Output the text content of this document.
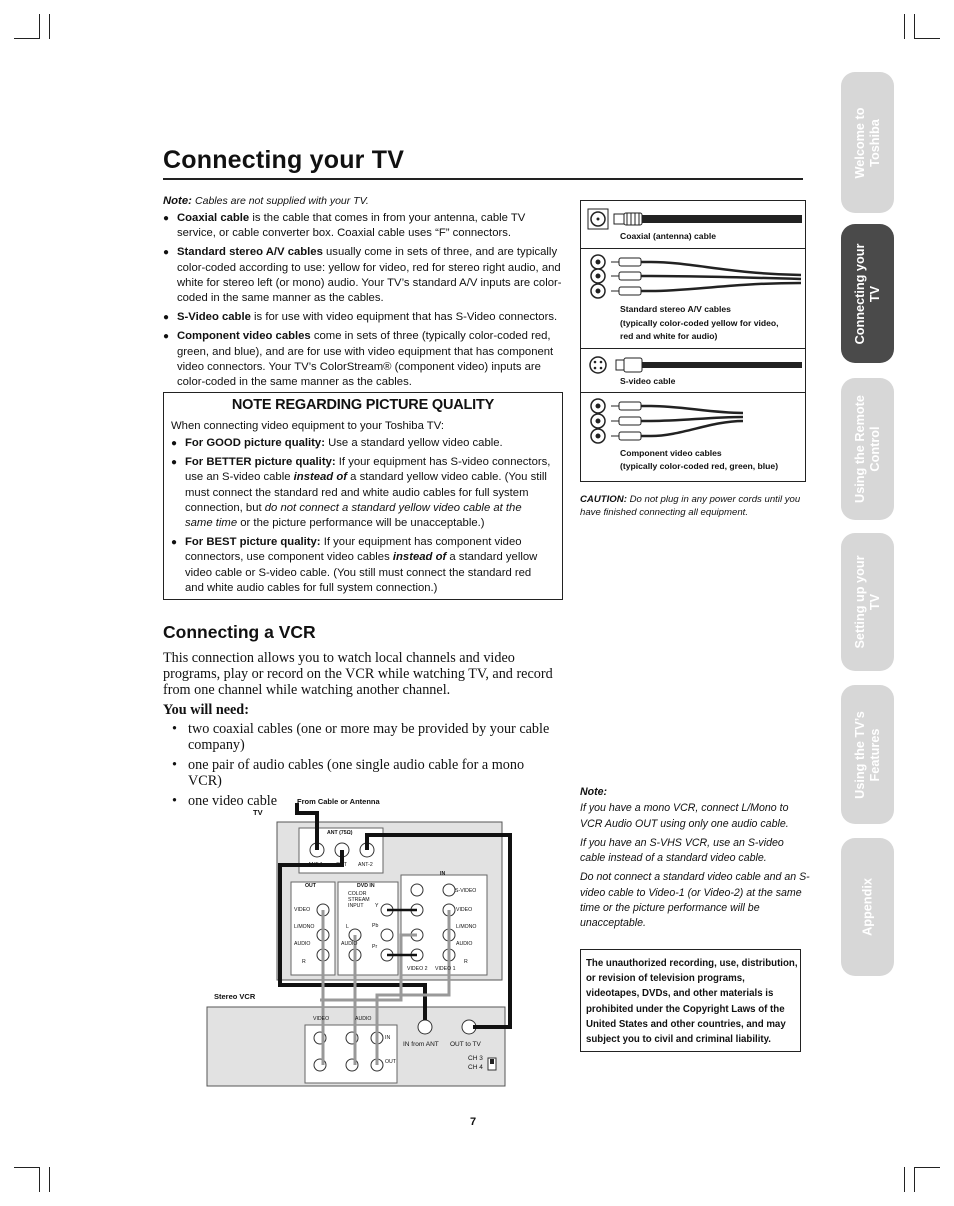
Connecting your TV
Note: Cables are not supplied with your TV.
● Coaxial cable is the cable that comes in from your antenna, cable TV service, or cable converter box. Coaxial cable uses “F” connectors.
● Standard stereo A/V cables usually come in sets of three, and are typically color-coded according to use: yellow for video, red for stereo right audio, and white for stereo left (or mono) audio. Your TV’s standard A/V inputs are color-coded in the same manner as the cables.
● S-Video cable is for use with video equipment that has S-Video connectors.
● Component video cables come in sets of three (typically color-coded red, green, and blue), and are for use with video equipment that has component video connectors. Your TV’s ColorStream® (component video) inputs are color-coded in the same manner as the cables.
NOTE REGARDING PICTURE QUALITY
When connecting video equipment to your Toshiba TV:
● For GOOD picture quality: Use a standard yellow video cable.
● For BETTER picture quality: If your equipment has S-video connectors, use an S-video cable instead of a standard yellow video cable. (You still must connect the standard red and white audio cables for full system connection, but do not connect a standard yellow video cable at the same time or the picture performance will be unacceptable.)
● For BEST picture quality: If your equipment has component video connectors, use component video cables instead of a standard yellow video cable or S-video cable. (You still must connect the standard red and white audio cables for full system connection.)
Connecting a VCR
This connection allows you to watch local channels and video programs, play or record on the VCR while watching TV, and record from one channel while watching another channel.
You will need:
• two coaxial cables (one or more may be provided by your cable company)
• one pair of audio cables (one single audio cable for a mono VCR)
• one video cable
Coaxial (antenna) cable
Standard stereo A/V cables
(typically color-coded yellow for video,
red and white for audio)
S-video cable
Component video cables
(typically color-coded red, green, blue)
CAUTION: Do not plug in any power cords until you have finished connecting all equipment.

Note:

If you have a mono VCR, connect L/Mono to VCR Audio OUT using only one audio cable.

If you have an S-VHS VCR, use an S-video cable instead of a standard video cable.

Do not connect a standard video cable and an S-video cable to Video-1 (or Video-2) at the same time or the picture performance will be unacceptable.

The unauthorized recording, use, distribution, or revision of television programs, videotapes, DVDs, and other materials is prohibited under the Copyright Laws of the United States and other countries, and may subject you to civil and criminal liability.
Welcome to Toshiba
Connecting your TV
Using the Remote Control
Setting up your TV
Using the TV’s Features
Appendix
From Cable or Antenna
TV
ANT (75Ω)
ANT-1	OUT ANT-2
IN
OUT	DVD IN
COLOR STREAM INPUT
S-VIDEO
VIDEO	VIDEO
L/MONO	L/MONO
AUDIO	AUDIO	AUDIO
R	R
L
Y
Pb
Pr
VIDEO 2 VIDEO 1
Stereo VCR
VIDEO	AUDIO
IN
OUT
IN from ANT OUT to TV
CH 3
CH 4
7
